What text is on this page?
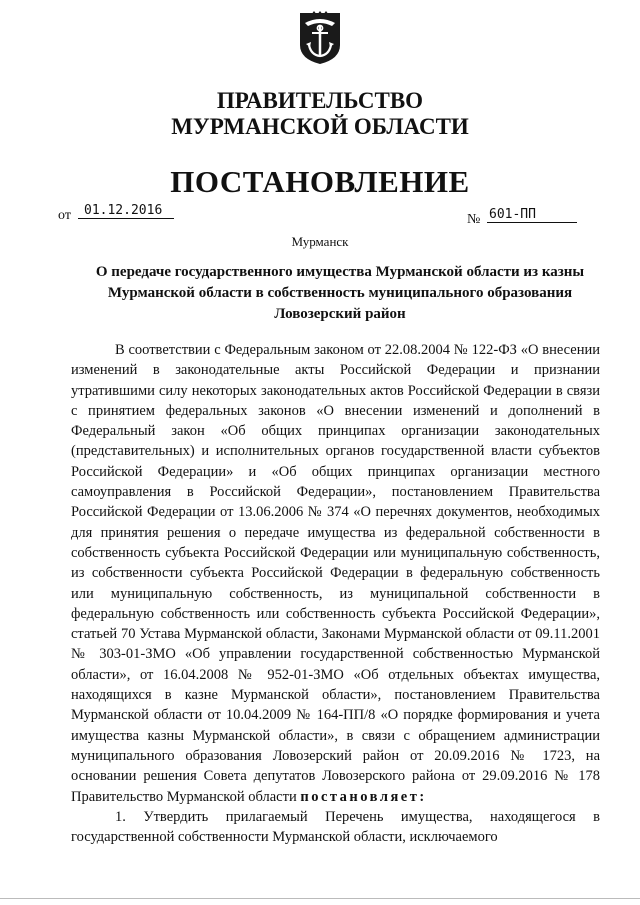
ПРАВИТЕЛЬСТВО
МУРМАНСКОЙ ОБЛАСТИ
ПОСТАНОВЛЕНИЕ
от	01.12.2016
№ 601-ПП
Мурманск
О передаче государственного имущества Мурманской области из казны
Мурманской области в собственность муниципального образования
Ловозерский район

В соответствии с Федеральным законом от 22.08.2004 № 122-ФЗ «О внесении изменений в законодательные акты Российской Федерации и признании утратившими силу некоторых законодательных актов Российской Федерации в связи с принятием федеральных законов «О внесении изменений и дополнений в Федеральный закон «Об общих принципах организации законодательных (представительных) и исполнительных органов государственной власти субъектов Российской Федерации» и «Об общих принципах организации местного самоуправления в Российской Федерации», постановлением Правительства Российской Федерации от 13.06.2006 № 374 «О перечнях документов, необходимых для принятия решения о передаче имущества из федеральной собственности в собственность субъекта Российской Федерации или муниципальную собственность, из собственности субъекта Российской Федерации в федеральную собственность или муниципальную собственность, из муниципальной собственности в федеральную собственность или собственность субъекта Российской Федерации», статьей 70 Устава Мурманской области, Законами Мурманской области от 09.11.2001 № 303-01-ЗМО «Об управлении государственной собственностью Мурманской области», от 16.04.2008 № 952-01-ЗМО «Об отдельных объектах имущества, находящихся в казне Мурманской области», постановлением Правительства Мурманской области от 10.04.2009 № 164-ПП/8 «О порядке формирования и учета имущества казны Мурманской области», в связи с обращением администрации муниципального образования Ловозерский район от 20.09.2016 № 1723, на основании решения Совета депутатов Ловозерского района от 29.09.2016 № 178 Правительство Мурманской области постановляет:

1. Утвердить прилагаемый Перечень имущества, находящегося в государственной собственности Мурманской области, исключаемого
